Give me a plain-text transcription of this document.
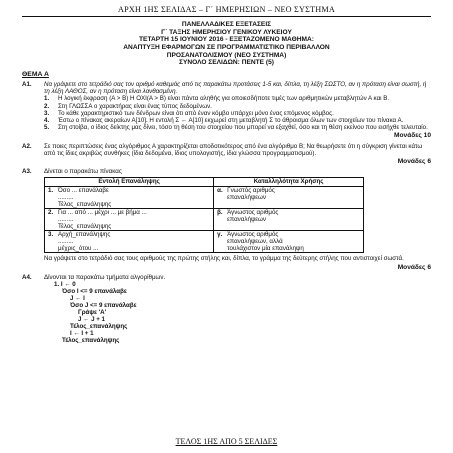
ΑΡΧΗ 1ΗΣ ΣΕΛΙΔΑΣ – Γ΄ ΗΜΕΡΗΣΙΩΝ – ΝΕΟ ΣΥΣΤΗΜΑ
ΠΑΝΕΛΛΑΔΙΚΕΣ ΕΞΕΤΑΣΕΙΣ
Γ΄ ΤΑΞΗΣ ΗΜΕΡΗΣΙΟΥ ΓΕΝΙΚΟΥ ΛΥΚΕΙΟΥ
ΤΕΤΑΡΤΗ 15 ΙΟΥΝΙΟΥ 2016 - ΕΞΕΤΑΖΟΜΕΝΟ ΜΑΘΗΜΑ:
ΑΝΑΠΤΥΞΗ ΕΦΑΡΜΟΓΩΝ ΣΕ ΠΡΟΓΡΑΜΜΑΤΙΣΤΙΚΟ ΠΕΡΙΒΑΛΛΟΝ
ΠΡΟΣΑΝΑΤΟΛΙΣΜΟΥ (ΝΕΟ ΣΥΣΤΗΜΑ)
ΣΥΝΟΛΟ ΣΕΛΙΔΩΝ: ΠΕΝΤΕ (5)
ΘΕΜΑ Α
Α1.	Να γράψετε στο τετράδιό σας τον αριθμό καθεμιάς από τις παρακάτω προτάσεις 1-5 και, δίπλα, τη λέξη ΣΩΣΤΟ, αν η πρόταση είναι σωστή, ή τη λέξη ΛΑΘΟΣ, αν η πρόταση είναι λανθασμένη.
1.	Η λογική έκφραση (Α > Β) Η ΟΧΙ(Α > Β) είναι πάντα αληθής για οποιεσδήποτε τιμές των αριθμητικών μεταβλητών Α και Β.
2.	Στη ΓΛΩΣΣΑ ο χαρακτήρας είναι ένας τύπος δεδομένων.
3.	Το κάθε χαρακτηριστικό των δένδρων είναι ότι από έναν κόμβο υπάρχει μόνο ένας επόμενος κόμβος.
4.	Έστω ο πίνακας ακεραίων Α[10]. Η εντολή Σ ← Α[10] εκχωρεί στη μεταβλητή Σ το άθροισμα όλων των στοιχείων του πίνακα Α.
5.	Στη στοίβα, ο ίδιος δείκτης μας δίνει, τόσο τη θέση του στοιχείου που μπορεί να εξαχθεί, όσο και τη θέση εκείνου που εισήχθε τελευταίο.
Μονάδες 10
Α2.	Σε ποιες περιπτώσεις ένας αλγόριθμος Α χαρακτηρίζεται αποδοτικότερος από ένα αλγόριθμο Β; Να θεωρήσετε ότι η σύγκριση γίνεται κάτω από τις ίδιες ακριβώς συνθήκες (ίδια δεδομένα, ίδιος υπολογιστής, ίδια γλώσσα προγραμματισμού).
Μονάδες 6
Α3.	Δίνεται ο παρακάτω πίνακας
Εντολή Επανάληψης	Καταλληλότητα Χρήσης
1. Όσο ... επανάλαβε
.........
Τέλος_επανάληψης	α. Γνωστός αριθμός
επαναλήψεων
2. Για ... από ... μέχρι ... με βήμα ...
.........
Τέλος_επανάληψης	β. Άγνωστος αριθμός
επαναλήψεων
3. Αρχή_επανάληψης
.........
μέχρις_ότου ...	γ. Άγνωστος αριθμός
επαναλήψεων, αλλά
τουλάχιστον μία επανάληψη
Να γράψετε στο τετράδιό σας τους αριθμούς της πρώτης στήλης και, δίπλα, το γράμμα της δεύτερης στήλης που αντιστοιχεί σωστά.
Μονάδες 6
Α4.	Δίνονται τα παρακάτω τμήματα αλγορίθμων.
1. I ← 0
Όσο I <= 9 επανάλαβε
J ← I
Όσο J <= 9 επανάλαβε
Γράψε 'Α'
J ← J + 1
Τέλος_επανάληψης
I ← I + 1
Τέλος_επανάληψης
ΤΕΛΟΣ 1ΗΣ ΑΠΟ 5 ΣΕΛΙΔΕΣ
